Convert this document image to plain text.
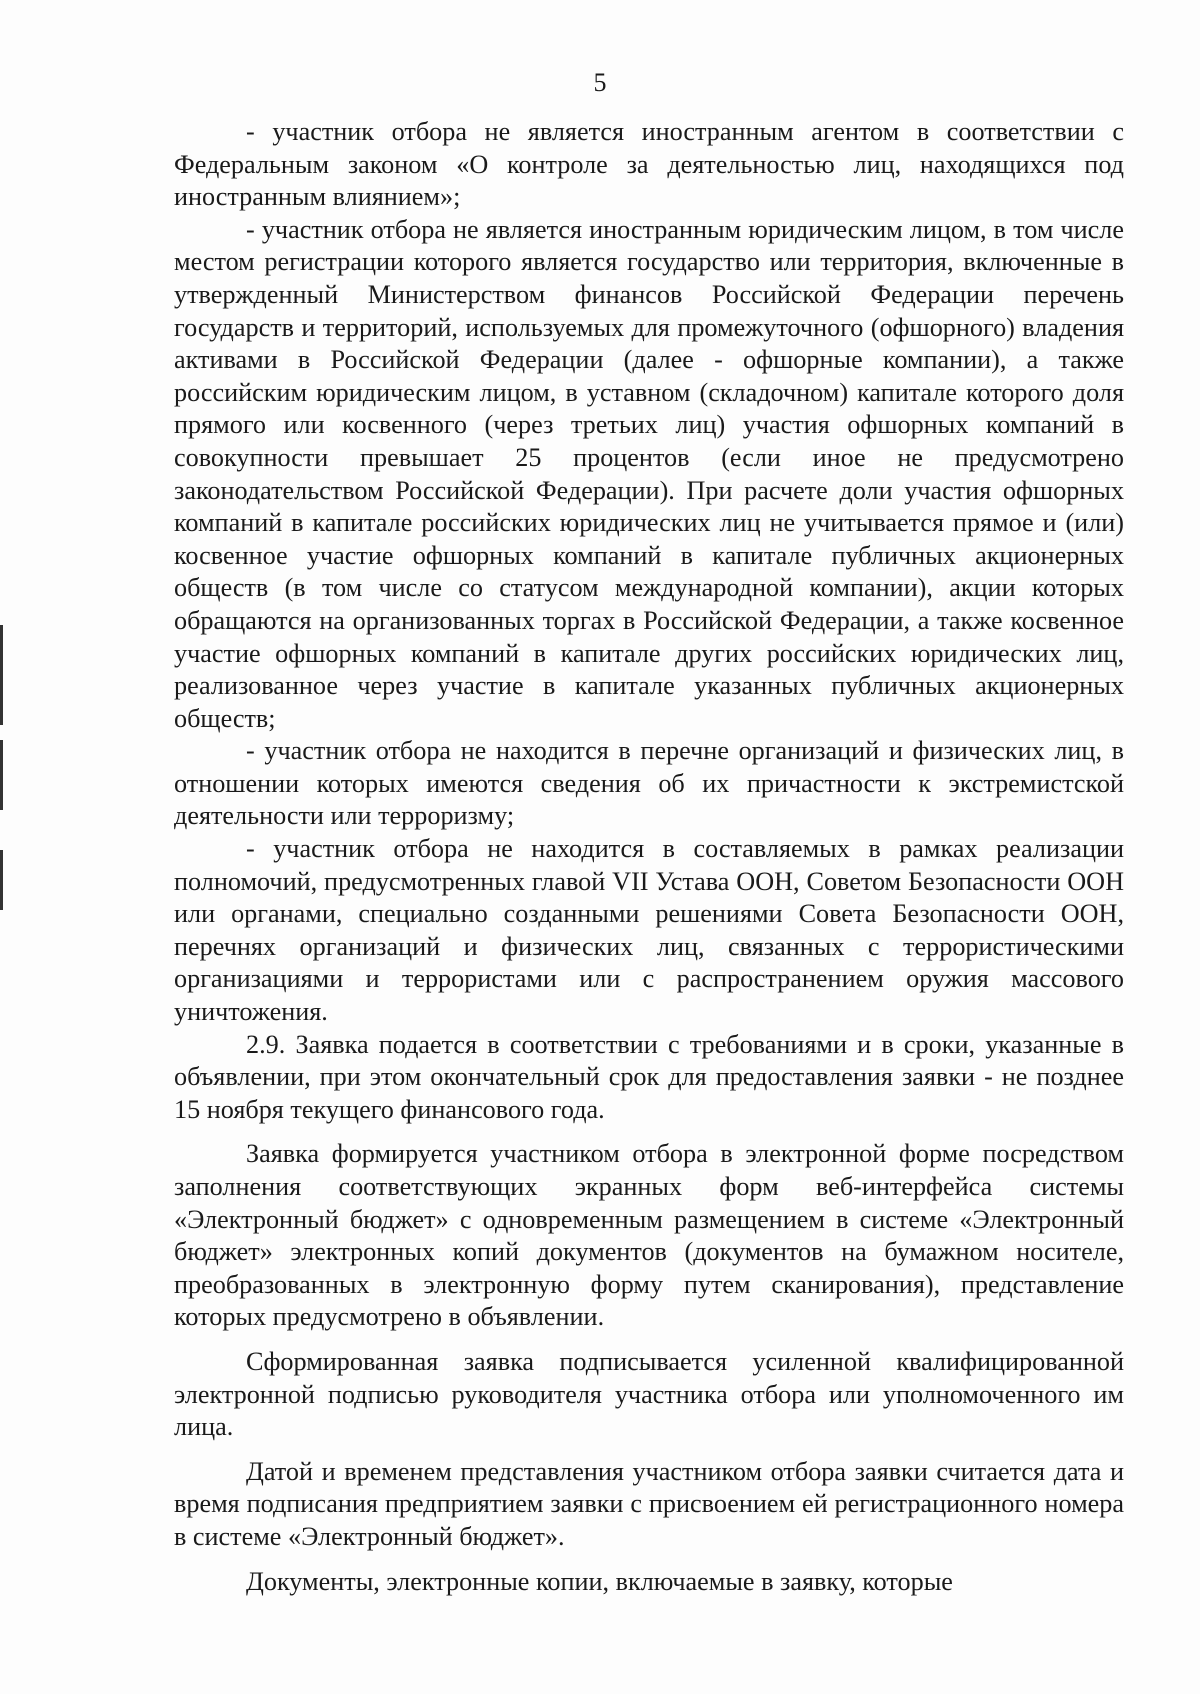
5

- участник отбора не является иностранным агентом в соответствии с Федеральным законом «О контроле за деятельностью лиц, находящихся под иностранным влиянием»;

- участник отбора не является иностранным юридическим лицом, в том числе местом регистрации которого является государство или территория, включенные в утвержденный Министерством финансов Российской Федерации перечень государств и территорий, используемых для промежуточного (офшорного) владения активами в Российской Федерации (далее - офшорные компании), а также российским юридическим лицом, в уставном (складочном) капитале которого доля прямого или косвенного (через третьих лиц) участия офшорных компаний в совокупности превышает 25 процентов (если иное не предусмотрено законодательством Российской Федерации). При расчете доли участия офшорных компаний в капитале российских юридических лиц не учитывается прямое и (или) косвенное участие офшорных компаний в капитале публичных акционерных обществ (в том числе со статусом международной компании), акции которых обращаются на организованных торгах в Российской Федерации, а также косвенное участие офшорных компаний в капитале других российских юридических лиц, реализованное через участие в капитале указанных публичных акционерных обществ;

- участник отбора не находится в перечне организаций и физических лиц, в отношении которых имеются сведения об их причастности к экстремистской деятельности или терроризму;

- участник отбора не находится в составляемых в рамках реализации полномочий, предусмотренных главой VII Устава ООН, Советом Безопасности ООН или органами, специально созданными решениями Совета Безопасности ООН, перечнях организаций и физических лиц, связанных с террористическими организациями и террористами или с распространением оружия массового уничтожения.

2.9. Заявка подается в соответствии с требованиями и в сроки, указанные в объявлении, при этом окончательный срок для предоставления заявки - не позднее 15 ноября текущего финансового года.

Заявка формируется участником отбора в электронной форме посредством заполнения соответствующих экранных форм веб-интерфейса системы «Электронный бюджет» с одновременным размещением в системе «Электронный бюджет» электронных копий документов (документов на бумажном носителе, преобразованных в электронную форму путем сканирования), представление которых предусмотрено в объявлении.

Сформированная заявка подписывается усиленной квалифицированной электронной подписью руководителя участника отбора или уполномоченного им лица.

Датой и временем представления участником отбора заявки считается дата и время подписания предприятием заявки с присвоением ей регистрационного номера в системе «Электронный бюджет».

Документы, электронные копии, включаемые в заявку, которые
